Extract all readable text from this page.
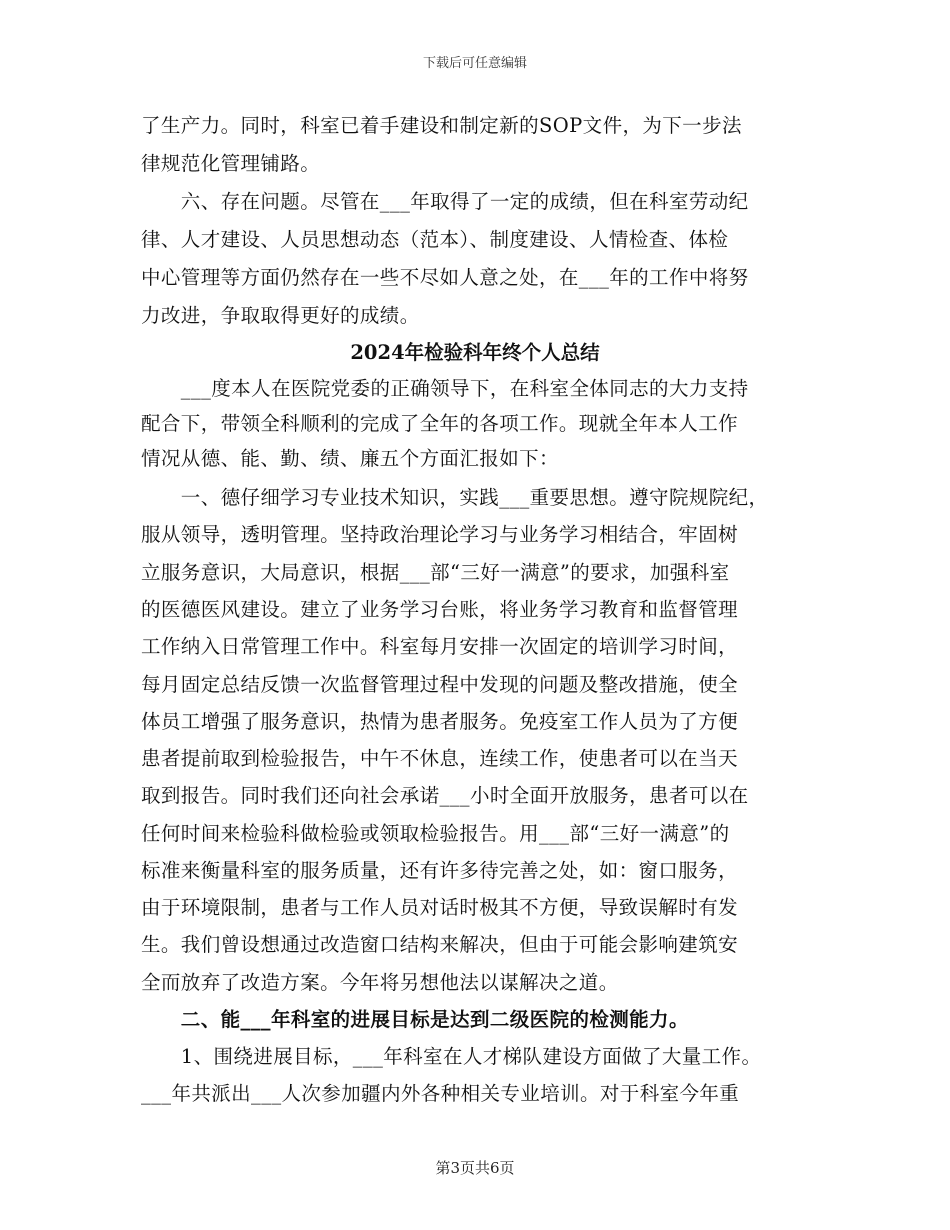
下载后可任意编辑
了生产力。同时，科室已着手建设和制定新的SOP文件，为下一步法
律规范化管理铺路。
　　六、存在问题。尽管在___年取得了一定的成绩，但在科室劳动纪
律、人才建设、人员思想动态（范本）、制度建设、人情检查、体检
中心管理等方面仍然存在一些不尽如人意之处，在___年的工作中将努
力改进，争取取得更好的成绩。
2024年检验科年终个人总结
　　___度本人在医院党委的正确领导下，在科室全体同志的大力支持
配合下，带领全科顺利的完成了全年的各项工作。现就全年本人工作
情况从德、能、勤、绩、廉五个方面汇报如下：
　　一、德仔细学习专业技术知识，实践___重要思想。遵守院规院纪，
服从领导，透明管理。坚持政治理论学习与业务学习相结合，牢固树
立服务意识，大局意识，根据___部“三好一满意”的要求，加强科室
的医德医风建设。建立了业务学习台账，将业务学习教育和监督管理
工作纳入日常管理工作中。科室每月安排一次固定的培训学习时间，
每月固定总结反馈一次监督管理过程中发现的问题及整改措施，使全
体员工增强了服务意识，热情为患者服务。免疫室工作人员为了方便
患者提前取到检验报告，中午不休息，连续工作，使患者可以在当天
取到报告。同时我们还向社会承诺___小时全面开放服务，患者可以在
任何时间来检验科做检验或领取检验报告。用___部“三好一满意”的
标准来衡量科室的服务质量，还有许多待完善之处，如：窗口服务，
由于环境限制，患者与工作人员对话时极其不方便，导致误解时有发
生。我们曾设想通过改造窗口结构来解决，但由于可能会影响建筑安
全而放弃了改造方案。今年将另想他法以谋解决之道。
　　二、能___年科室的进展目标是达到二级医院的检测能力。
　　1、围绕进展目标，___年科室在人才梯队建设方面做了大量工作。
___年共派出___人次参加疆内外各种相关专业培训。对于科室今年重
第3页共6页
